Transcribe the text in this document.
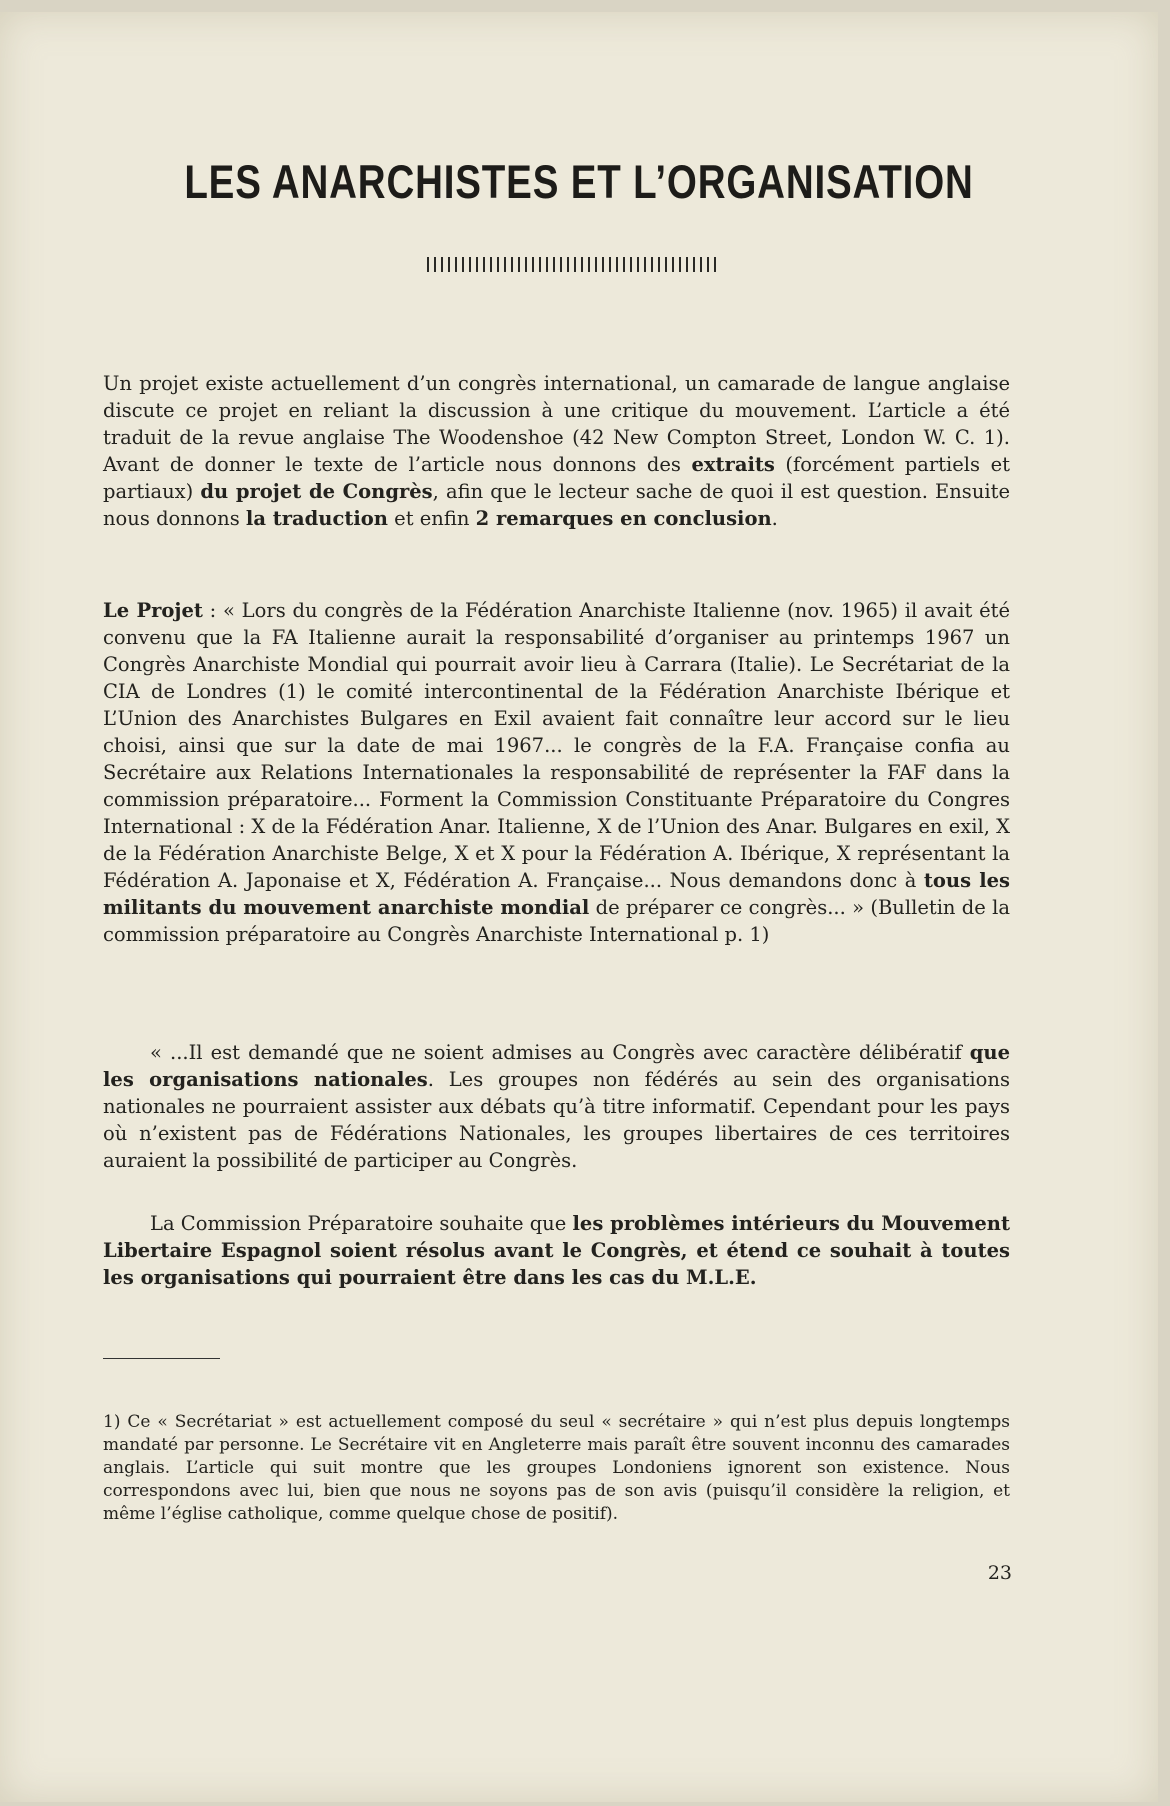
LES ANARCHISTES ET L’ORGANISATION

Un projet existe actuellement d’un congrès international, un camarade de langue anglaise discute ce projet en reliant la discussion à une critique du mouvement. L’article a été traduit de la revue anglaise The Woodenshoe (42 New Compton Street, London W. C. 1). Avant de donner le texte de l’article nous donnons des extraits (forcément partiels et partiaux) du projet de Congrès, afin que le lecteur sache de quoi il est question. Ensuite nous donnons la traduction et enfin 2 remarques en conclusion.

Le Projet : « Lors du congrès de la Fédération Anarchiste Italienne (nov. 1965) il avait été convenu que la FA Italienne aurait la responsabilité d’organiser au printemps 1967 un Congrès Anarchiste Mondial qui pourrait avoir lieu à Carrara (Italie). Le Secrétariat de la CIA de Londres (1) le comité intercontinental de la Fédération Anarchiste Ibérique et L’Union des Anarchistes Bulgares en Exil avaient fait connaître leur accord sur le lieu choisi, ainsi que sur la date de mai 1967... le congrès de la F.A. Française confia au Secrétaire aux Relations Internationales la responsabilité de représenter la FAF dans la commission préparatoire... Forment la Commission Constituante Préparatoire du Congres International : X de la Fédération Anar. Italienne, X de l’Union des Anar. Bulgares en exil, X de la Fédération Anarchiste Belge, X et X pour la Fédération A. Ibérique, X représentant la Fédération A. Japonaise et X, Fédération A. Française... Nous demandons donc à tous les militants du mouvement anarchiste mondial de préparer ce congrès... » (Bulletin de la commission préparatoire au Congrès Anarchiste International p. 1)

« ...Il est demandé que ne soient admises au Congrès avec caractère délibératif que les organisations nationales. Les groupes non fédérés au sein des organisations nationales ne pourraient assister aux débats qu’à titre informatif. Cependant pour les pays où n’existent pas de Fédérations Nationales, les groupes libertaires de ces territoires auraient la possibilité de participer au Congrès.

La Commission Préparatoire souhaite que les problèmes intérieurs du Mouvement Libertaire Espagnol soient résolus avant le Congrès, et étend ce souhait à toutes les organisations qui pourraient être dans les cas du M.L.E.

1) Ce « Secrétariat » est actuellement composé du seul « secrétaire » qui n’est plus depuis longtemps mandaté par personne. Le Secrétaire vit en Angleterre mais paraît être souvent inconnu des camarades anglais. L’article qui suit montre que les groupes Londoniens ignorent son existence. Nous correspondons avec lui, bien que nous ne soyons pas de son avis (puisqu’il considère la religion, et même l’église catholique, comme quelque chose de positif).

23
